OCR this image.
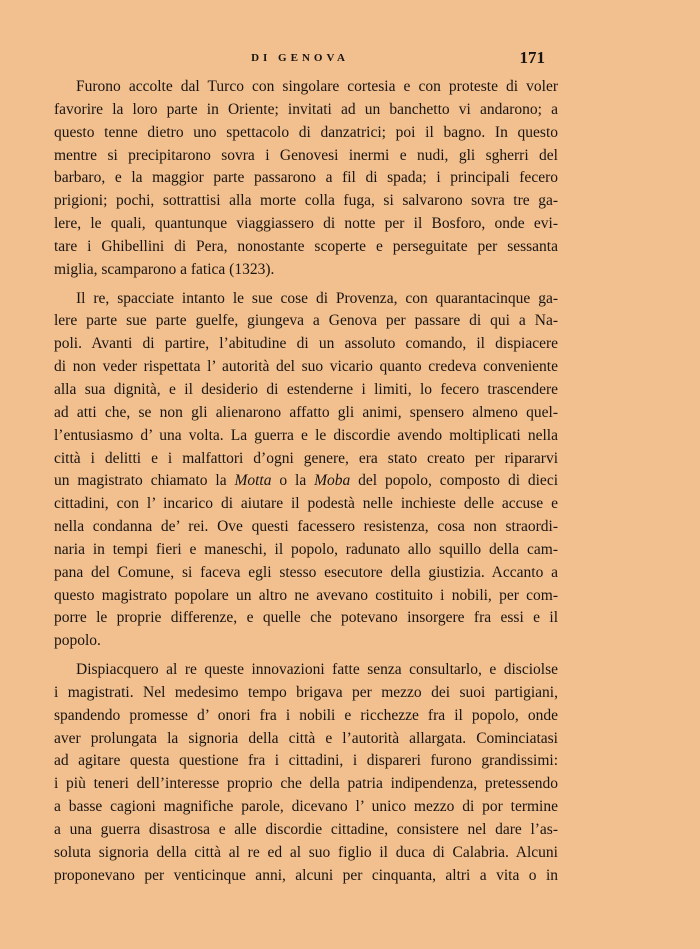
DI GENOVA	171
Furono accolte dal Turco con singolare cortesia e con proteste di voler
favorire la loro parte in Oriente; invitati ad un banchetto vi andarono; a
questo tenne dietro uno spettacolo di danzatrici; poi il bagno. In questo
mentre si precipitarono sovra i Genovesi inermi e nudi, gli sgherri del
barbaro, e la maggior parte passarono a fil di spada; i principali fecero
prigioni; pochi, sottrattisi alla morte colla fuga, si salvarono sovra tre ga-
lere, le quali, quantunque viaggiassero di notte per il Bosforo, onde evi-
tare i Ghibellini di Pera, nonostante scoperte e perseguitate per sessanta
miglia, scamparono a fatica (1323).
Il re, spacciate intanto le sue cose di Provenza, con quarantacinque ga-
lere parte sue parte guelfe, giungeva a Genova per passare di qui a Na-
poli. Avanti di partire, l’abitudine di un assoluto comando, il dispiacere
di non veder rispettata l’ autorità del suo vicario quanto credeva conveniente
alla sua dignità, e il desiderio di estenderne i limiti, lo fecero trascendere
ad atti che, se non gli alienarono affatto gli animi, spensero almeno quel-
l’entusiasmo d’ una volta. La guerra e le discordie avendo moltiplicati nella
città i delitti e i malfattori d’ogni genere, era stato creato per ripararvi
un magistrato chiamato la Motta o la Moba del popolo, composto di dieci
cittadini, con l’ incarico di aiutare il podestà nelle inchieste delle accuse e
nella condanna de’ rei. Ove questi facessero resistenza, cosa non straordi-
naria in tempi fieri e maneschi, il popolo, radunato allo squillo della cam-
pana del Comune, si faceva egli stesso esecutore della giustizia. Accanto a
questo magistrato popolare un altro ne avevano costituito i nobili, per com-
porre le proprie differenze, e quelle che potevano insorgere fra essi e il
popolo.
Dispiacquero al re queste innovazioni fatte senza consultarlo, e disciolse
i magistrati. Nel medesimo tempo brigava per mezzo dei suoi partigiani,
spandendo promesse d’ onori fra i nobili e ricchezze fra il popolo, onde
aver prolungata la signoria della città e l’autorità allargata. Cominciatasi
ad agitare questa questione fra i cittadini, i dispareri furono grandissimi:
i più teneri dell’interesse proprio che della patria indipendenza, pretessendo
a basse cagioni magnifiche parole, dicevano l’ unico mezzo di por termine
a una guerra disastrosa e alle discordie cittadine, consistere nel dare l’as-
soluta signoria della città al re ed al suo figlio il duca di Calabria. Alcuni
proponevano per venticinque anni, alcuni per cinquanta, altri a vita o in
